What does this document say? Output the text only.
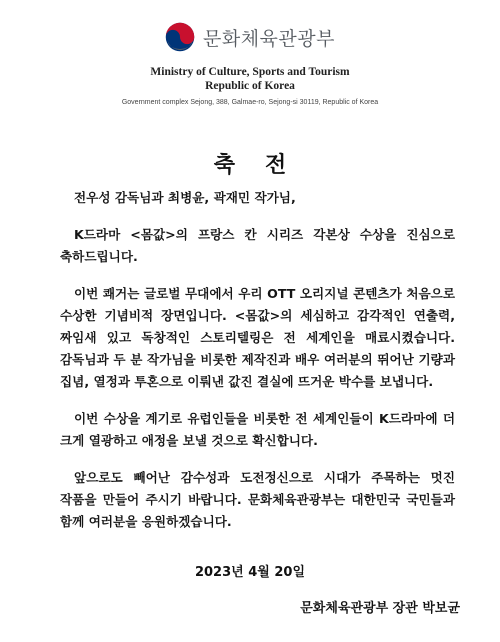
문화체육관광부
Ministry of Culture, Sports and Tourism
Republic of Korea
Government complex Sejong, 388, Galmae-ro, Sejong-si 30119, Republic of Korea
축전

전우성 감독님과 최병윤, 곽재민 작가님,

K드라마 <몸값>의 프랑스 칸 시리즈 각본상 수상을 진심으로 축하드립니다.

이번 쾌거는 글로벌 무대에서 우리 OTT 오리지널 콘텐츠가 처음으로 수상한 기념비적 장면입니다. <몸값>의 세심하고 감각적인 연출력, 짜임새 있고 독창적인 스토리텔링은 전 세계인을 매료시켰습니다. 감독님과 두 분 작가님을 비롯한 제작진과 배우 여러분의 뛰어난 기량과 집념, 열정과 투혼으로 이뤄낸 값진 결실에 뜨거운 박수를 보냅니다.

이번 수상을 계기로 유럽인들을 비롯한 전 세계인들이 K드라마에 더 크게 열광하고 애정을 보낼 것으로 확신합니다.

앞으로도 빼어난 감수성과 도전정신으로 시대가 주목하는 멋진 작품을 만들어 주시기 바랍니다. 문화체육관광부는 대한민국 국민들과 함께 여러분을 응원하겠습니다.

2023년 4월 20일
문화체육관광부 장관 박보균
